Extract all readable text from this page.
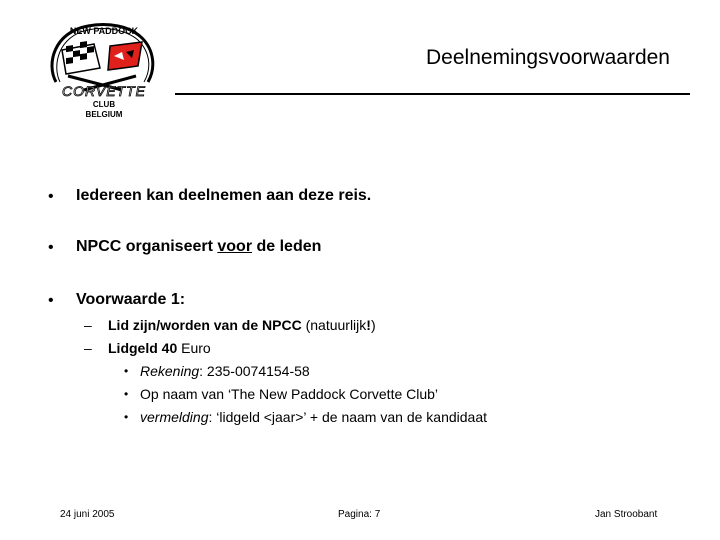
NEW PADDOCK
CORVETTE
CLUB
BELGIUM
Deelnemingsvoorwaarden
• Iedereen kan deelnemen aan deze reis.
• NPCC organiseert voor de leden
• Voorwaarde 1:
– Lid zijn/worden van de NPCC (natuurlijk!)
– Lidgeld 40 Euro
• Rekening: 235-0074154-58
• Op naam van ‘The New Paddock Corvette Club’
• vermelding: ‘lidgeld <jaar>’ + de naam van de kandidaat
24 juni 2005	Pagina: 7	Jan Stroobant
